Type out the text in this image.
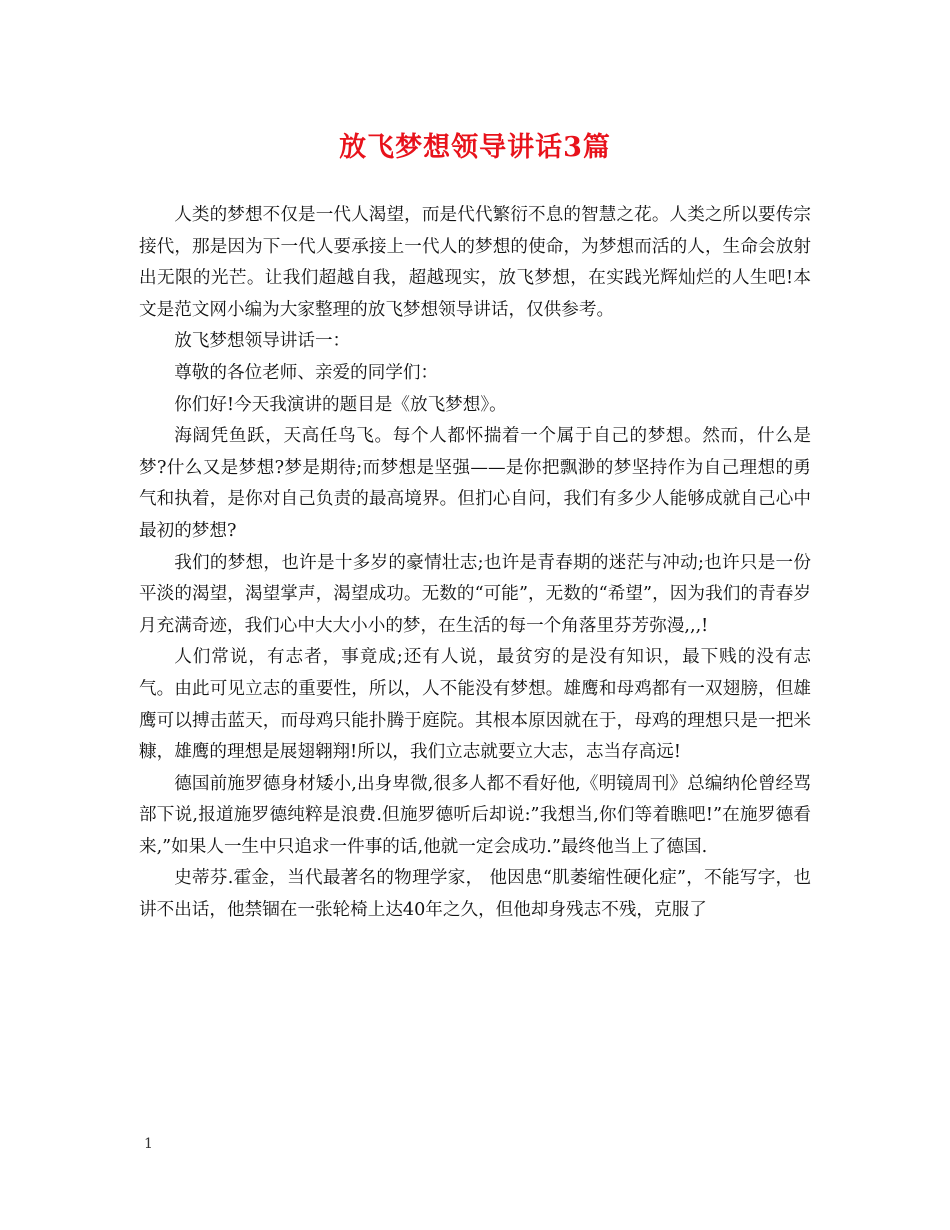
放飞梦想领导讲话3篇

人类的梦想不仅是一代人渴望，而是代代繁衍不息的智慧之花。人类之所以要传宗接代，那是因为下一代人要承接上一代人的梦想的使命，为梦想而活的人，生命会放射出无限的光芒。让我们超越自我，超越现实，放飞梦想，在实践光辉灿烂的人生吧!本文是范文网小编为大家整理的放飞梦想领导讲话，仅供参考。

放飞梦想领导讲话一：

尊敬的各位老师、亲爱的同学们：

你们好!今天我演讲的题目是《放飞梦想》。

海阔凭鱼跃，天高任鸟飞。每个人都怀揣着一个属于自己的梦想。然而，什么是梦?什么又是梦想?梦是期待;而梦想是坚强——是你把飘渺的梦坚持作为自己理想的勇气和执着，是你对自己负责的最高境界。但扪心自问，我们有多少人能够成就自己心中最初的梦想?

我们的梦想，也许是十多岁的豪情壮志;也许是青春期的迷茫与冲动;也许只是一份平淡的渴望，渴望掌声，渴望成功。无数的“可能”，无数的“希望”，因为我们的青春岁月充满奇迹，我们心中大大小小的梦，在生活的每一个角落里芬芳弥漫,,,!

人们常说，有志者，事竟成;还有人说，最贫穷的是没有知识，最下贱的没有志气。由此可见立志的重要性，所以，人不能没有梦想。雄鹰和母鸡都有一双翅膀，但雄鹰可以搏击蓝天，而母鸡只能扑腾于庭院。其根本原因就在于，母鸡的理想只是一把米糠，雄鹰的理想是展翅翱翔!所以，我们立志就要立大志，志当存高远!

德国前施罗德身材矮小,出身卑微,很多人都不看好他,《明镜周刊》总编纳伦曾经骂部下说,报道施罗德纯粹是浪费.但施罗德听后却说:”我想当,你们等着瞧吧!”在施罗德看来,”如果人一生中只追求一件事的话,他就一定会成功.”最终他当上了德国.

史蒂芬.霍金，当代最著名的物理学家， 他因患“肌萎缩性硬化症”，不能写字，也讲不出话，他禁锢在一张轮椅上达40年之久，但他却身残志不残，克服了

1
